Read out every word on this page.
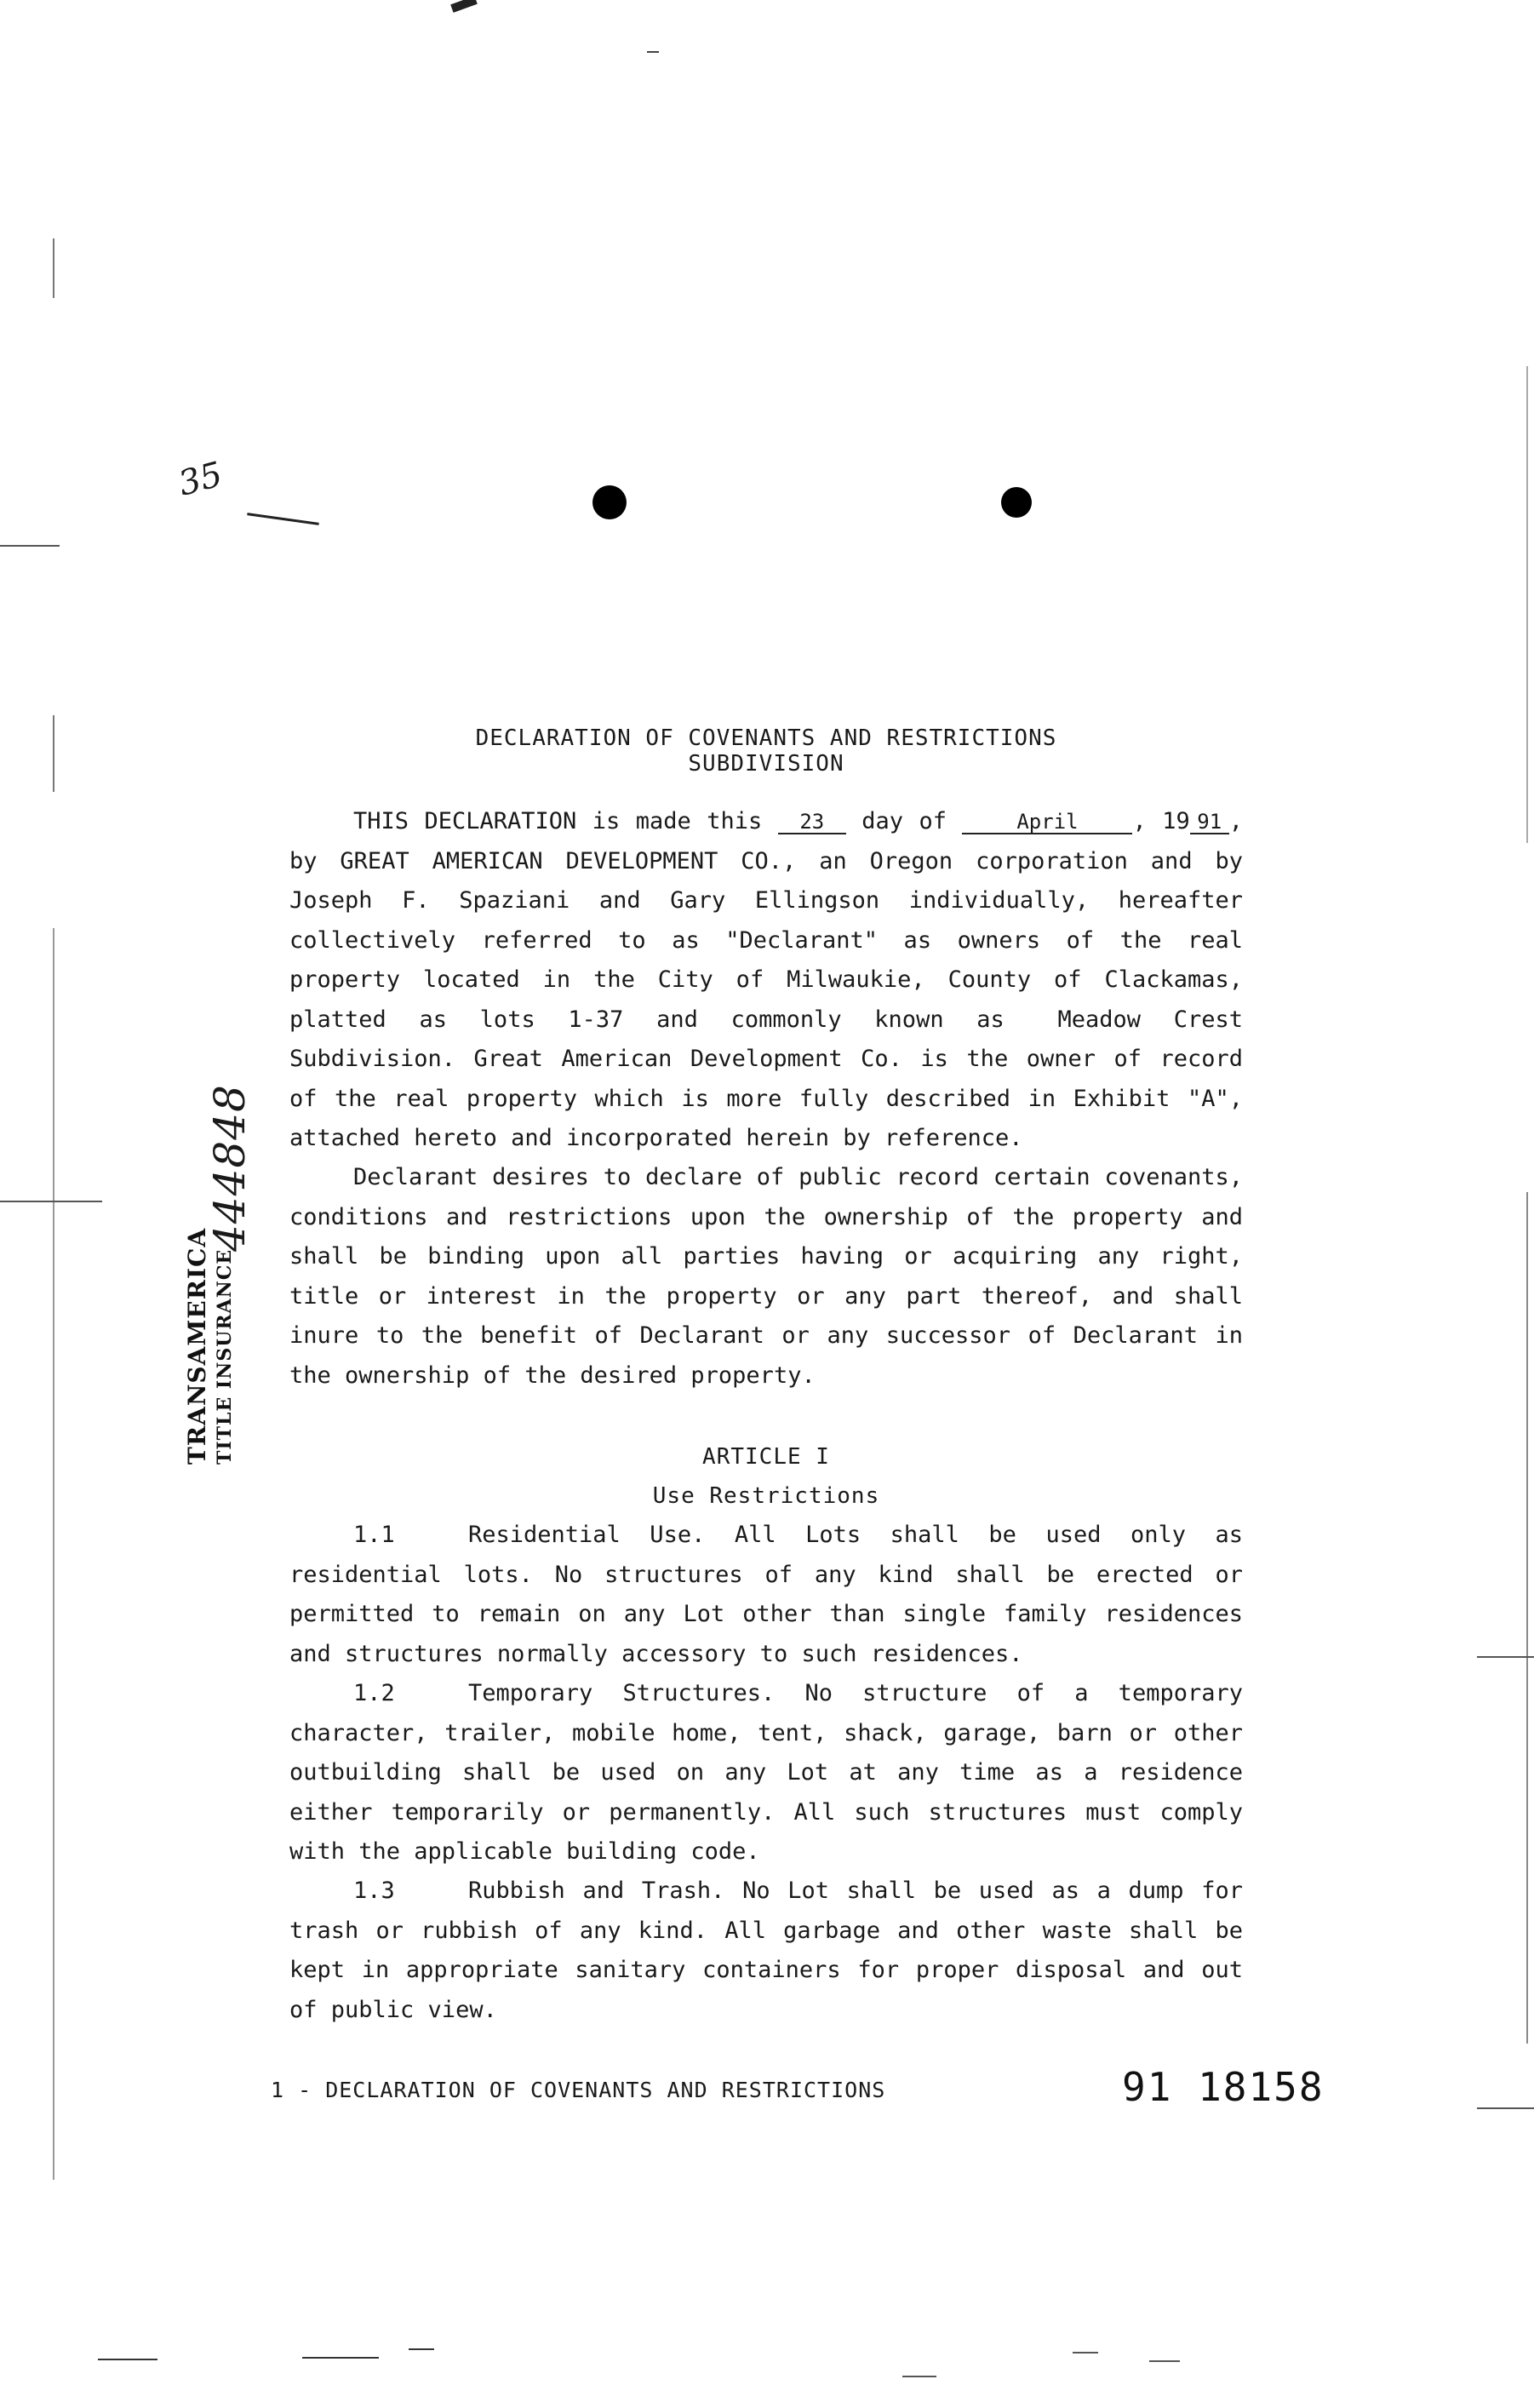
35
TRANSAMERICA TITLE INSURANCE
444848
DECLARATION OF COVENANTS AND RESTRICTIONS
SUBDIVISION
THIS DECLARATION is made this 23 day of	April , 19 91 , by GREAT AMERICAN DEVELOPMENT CO., an Oregon corporation and by Joseph F. Spaziani and Gary Ellingson individually, hereafter collectively referred to as "Declarant" as owners of the real property located in the City of Milwaukie, County of Clackamas, platted as lots 1-37 and commonly known as Meadow Crest Subdivision. Great American Development Co. is the owner of record of the real property which is more fully described in Exhibit "A", attached hereto and incorporated herein by reference.
Declarant desires to declare of public record certain covenants, conditions and restrictions upon the ownership of the property and shall be binding upon all parties having or acquiring any right, title or interest in the property or any part thereof, and shall inure to the benefit of Declarant or any successor of Declarant in the ownership of the desired property.
ARTICLE I
Use Restrictions
1.1	Residential Use. All Lots shall be used only as residential lots. No structures of any kind shall be erected or permitted to remain on any Lot other than single family residences and structures normally accessory to such residences.
1.2	Temporary Structures. No structure of a temporary character, trailer, mobile home, tent, shack, garage, barn or other outbuilding shall be used on any Lot at any time as a residence either temporarily or permanently. All such structures must comply with the applicable building code.
1.3	Rubbish and Trash. No Lot shall be used as a dump for trash or rubbish of any kind. All garbage and other waste shall be kept in appropriate sanitary containers for proper disposal and out of public view.
1 - DECLARATION OF COVENANTS AND RESTRICTIONS	91 18158
